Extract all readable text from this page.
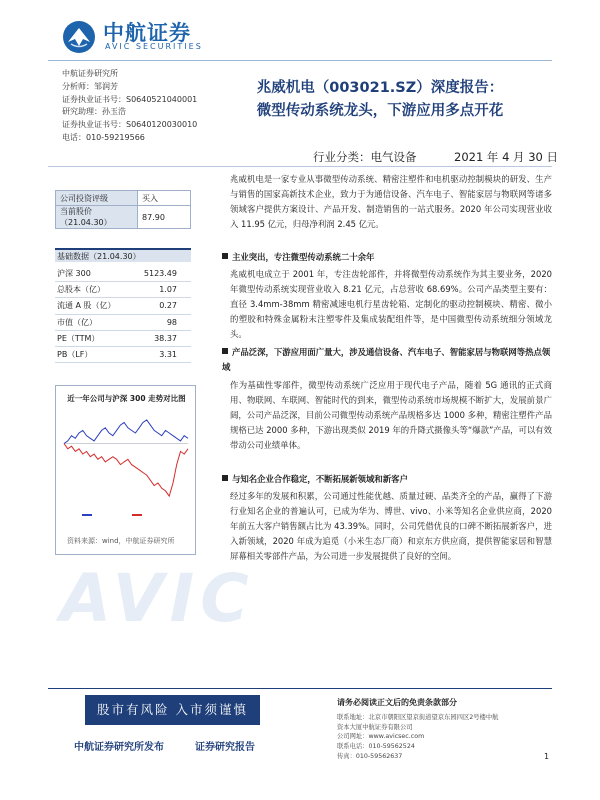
中航证券
AVIC SECURITIES
中航证券研究所
分析师：邹润芳
证券执业证书号：S0640521040001
研究助理：孙玉浩
证券执业证书号：S0640120030010
电话：010-59219566
兆威机电（003021.SZ）深度报告：
微型传动系统龙头，下游应用多点开花
行业分类：电气设备	2021 年 4 月 30 日
公司投资评级	买入
当前股价（21.04.30）	87.90
基础数据（21.04.30）
沪深 300	5123.49
总股本（亿）	1.07
流通 A 股（亿）	0.27
市值（亿）	98
PE（TTM）	38.37
PB（LF）	3.31
近一年公司与沪深 300 走势对比图
资料来源：wind，中航证券研究所
AVIC
兆威机电是一家专业从事微型传动系统、精密注塑件和电机驱动控制模块的研发、生产与销售的国家高新技术企业，致力于为通信设备、汽车电子、智能家居与物联网等诸多领域客户提供方案设计、产品开发、制造销售的一站式服务。2020 年公司实现营业收入 11.95 亿元，归母净利润 2.45 亿元。
主业突出，专注微型传动系统二十余年
兆威机电成立于 2001 年，专注齿轮部件，并将微型传动系统作为其主要业务，2020 年微型传动系统实现营业收入 8.21 亿元，占总营收 68.69%。公司产品类型主要有：直径 3.4mm-38mm 精密减速电机行星齿轮箱、定制化的驱动控制模块、精密、微小的塑胶和特殊金属粉末注塑零件及集成装配组件等，是中国微型传动系统细分领域龙头。
产品泛深，下游应用面广量大，涉及通信设备、汽车电子、智能家居与物联网等热点领域
作为基础性零部件，微型传动系统广泛应用于现代电子产品，随着 5G 通讯的正式商用、物联网、车联网、智能时代的到来，微型传动系统市场规模不断扩大，发展前景广阔，公司产品泛深，目前公司微型传动系统产品规格多达 1000 多种，精密注塑件产品规格已达 2000 多种，下游出现类似 2019 年的升降式摄像头等“爆款”产品，可以有效带动公司业绩单体。
与知名企业合作稳定，不断拓展新领域和新客户
经过多年的发展和积累，公司通过性能优越、质量过硬、品类齐全的产品，赢得了下游行业知名企业的普遍认可，已成为华为、博世、vivo、小米等知名企业供应商，2020 年前五大客户销售额占比为 43.39%。同时，公司凭借优良的口碑不断拓展新客户，进入新领域，2020 年成为追觅（小米生态厂商）和京东方供应商，提供智能家居和智慧屏幕相关零部件产品，为公司进一步发展提供了良好的空间。
股市有风险 入市须谨慎
中航证券研究所发布	证券研究报告
请务必阅读正文后的免责条款部分
联系地址：北京市朝阳区望京街道望京东园四区2号楼中航
资本大厦中航证券有限公司
公司网址：www.avicsec.com
联系电话：010-59562524
传真：010-59562637	1
